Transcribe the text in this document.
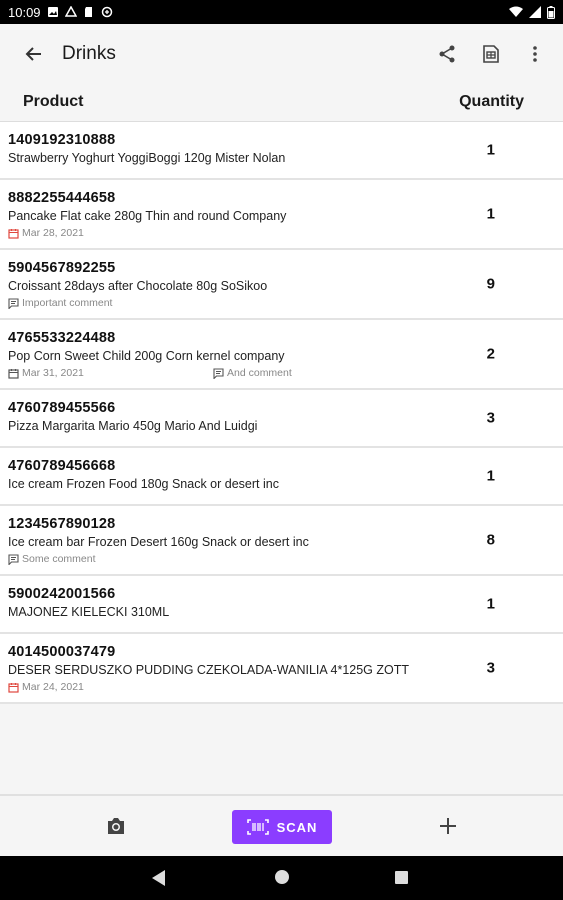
10:09
Drinks
Product	Quantity
1409192310888
Strawberry Yoghurt YoggiBoggi 120g Mister Nolan	1
8882255444658
Pancake Flat cake 280g Thin and round Company
Mar 28, 2021
1
5904567892255
Croissant 28days after Chocolate 80g SoSikoo
Important comment
9
4765533224488
Pop Corn Sweet Child 200g Corn kernel company
Mar 31, 2021	And comment
2
4760789455566
Pizza Margarita Mario 450g Mario And Luidgi	3
4760789456668
Ice cream Frozen Food 180g Snack or desert inc	1
1234567890128
Ice cream bar Frozen Desert 160g Snack or desert inc
Some comment
8
5900242001566
MAJONEZ KIELECKI 310ML	1
4014500037479
DESER SERDUSZKO PUDDING CZEKOLADA-WANILIA 4*125G ZOTT
Mar 24, 2021
3
SCAN
